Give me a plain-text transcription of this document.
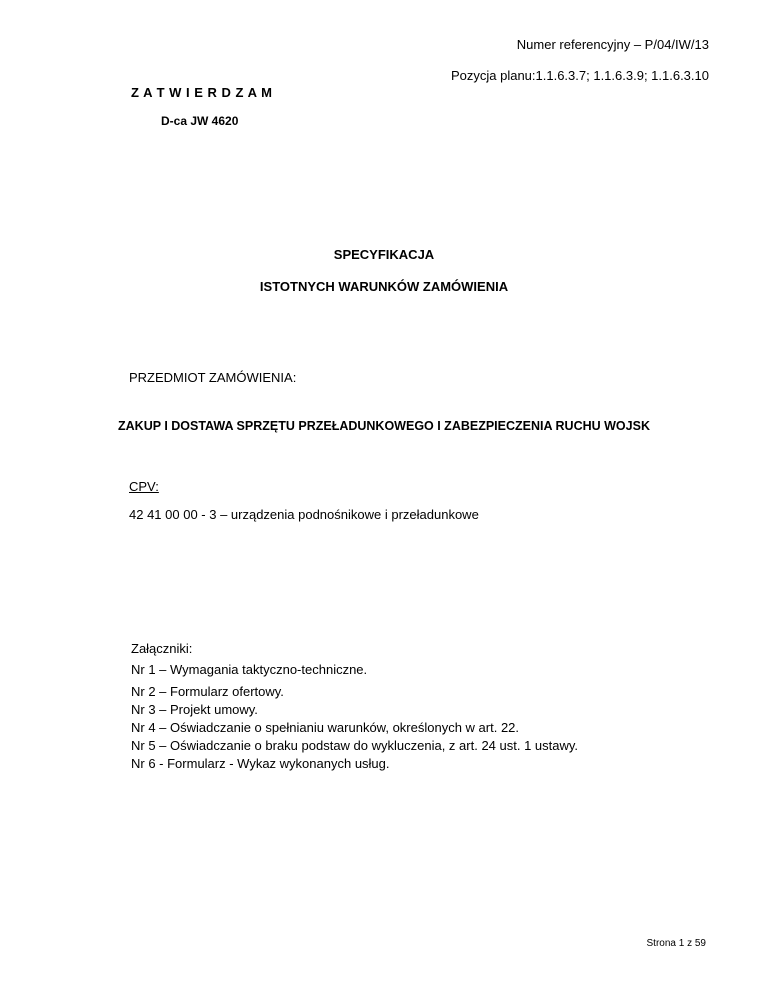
Numer referencyjny – P/04/IW/13
Pozycja planu:1.1.6.3.7; 1.1.6.3.9; 1.1.6.3.10
Z A T W I E R D Z A M
D-ca JW 4620
SPECYFIKACJA
ISTOTNYCH WARUNKÓW ZAMÓWIENIA
PRZEDMIOT ZAMÓWIENIA:
ZAKUP I DOSTAWA SPRZĘTU PRZEŁADUNKOWEGO I ZABEZPIECZENIA RUCHU WOJSK
CPV:
42 41 00 00 - 3 – urządzenia podnośnikowe i przeładunkowe
Załączniki:
Nr 1 – Wymagania taktyczno-techniczne.
Nr 2 – Formularz ofertowy.
Nr 3 – Projekt umowy.
Nr 4 – Oświadczanie o spełnianiu warunków, określonych w art. 22.
Nr 5 – Oświadczanie o braku podstaw do wykluczenia, z art. 24 ust. 1 ustawy.
Nr 6 - Formularz - Wykaz wykonanych usług.
Strona 1 z 59
